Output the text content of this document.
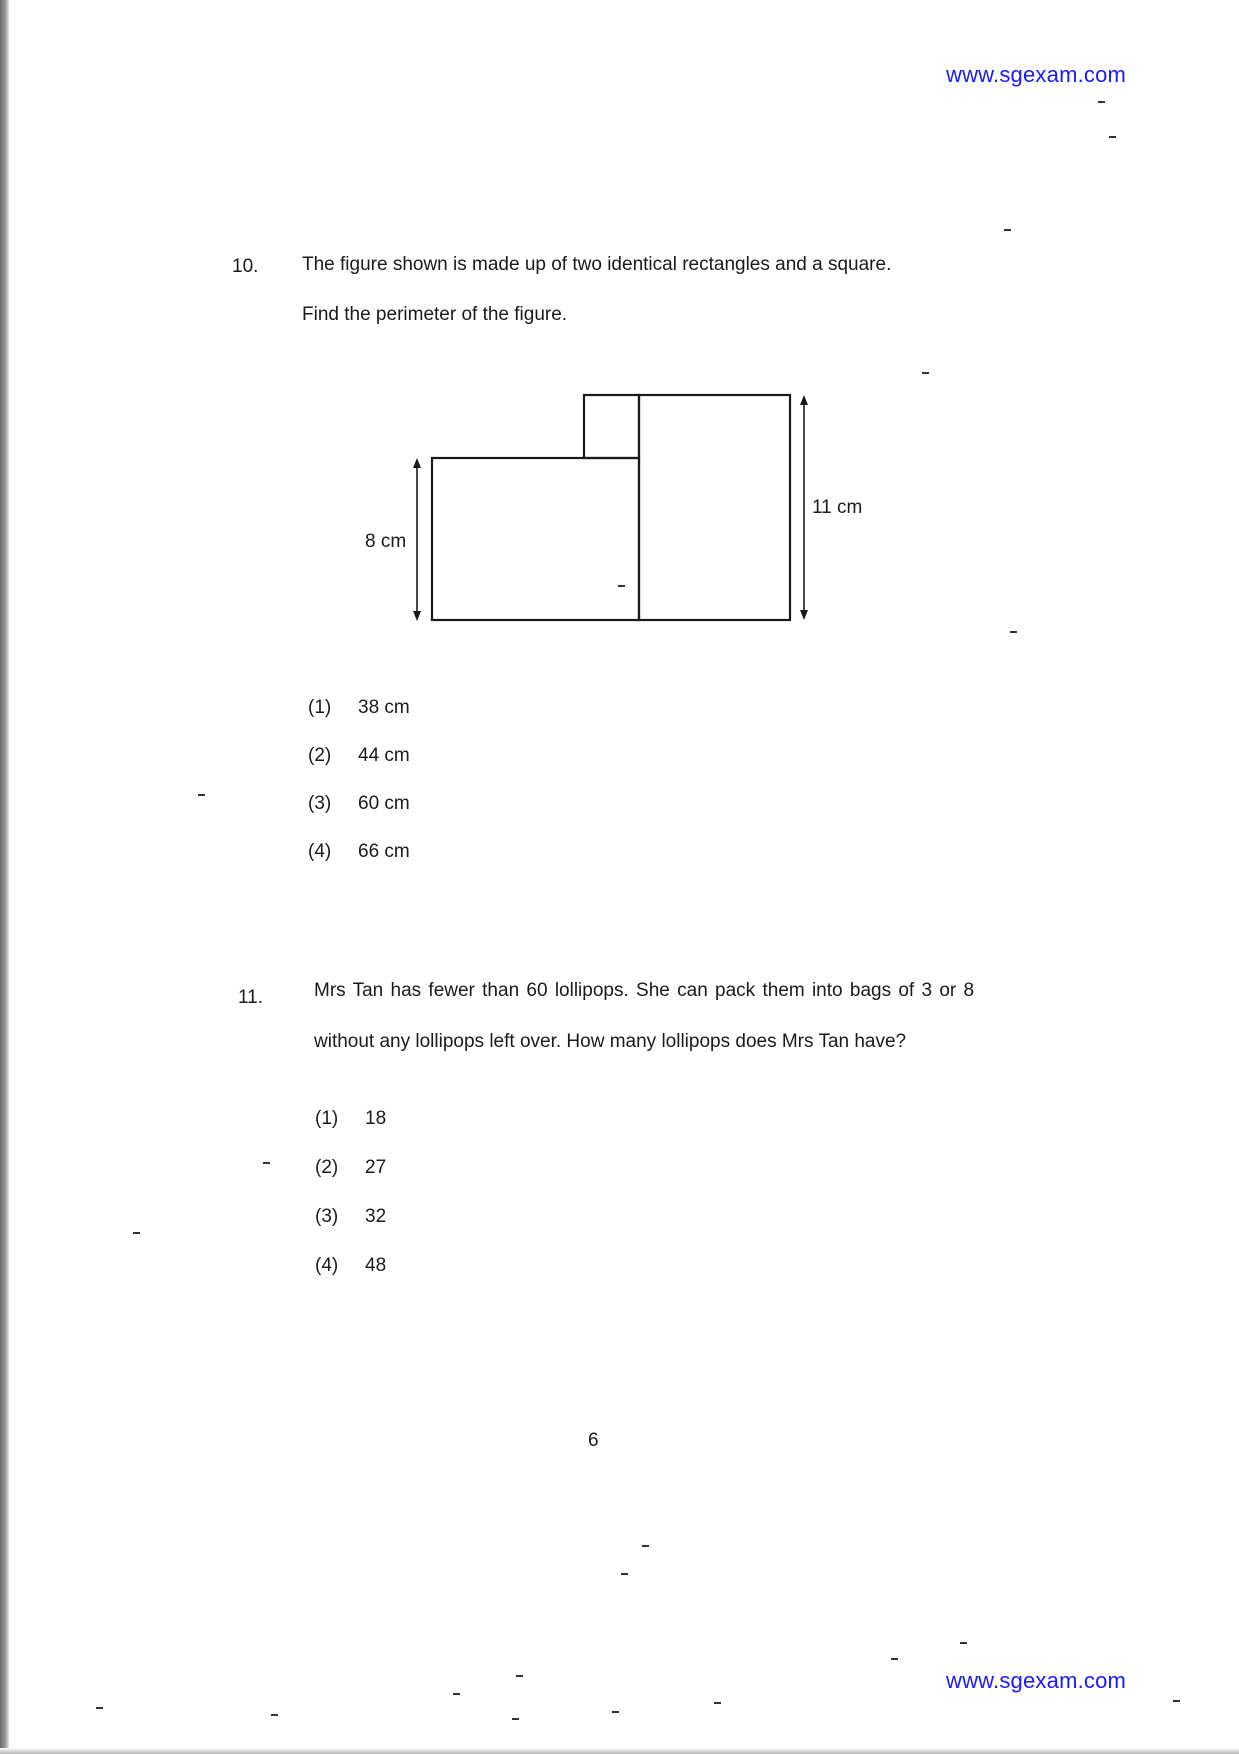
www.sgexam.com
10. The figure shown is made up of two identical rectangles and a square.
Find the perimeter of the figure.
8 cm
11 cm
(1) 38 cm
(2) 44 cm
(3) 60 cm
(4) 66 cm
11.	Mrs Tan has fewer than 60 lollipops. She can pack them into bags of 3 or 8
without any lollipops left over. How many lollipops does Mrs Tan have?
(1) 18
(2) 27
(3) 32
(4) 48
6
www.sgexam.com
